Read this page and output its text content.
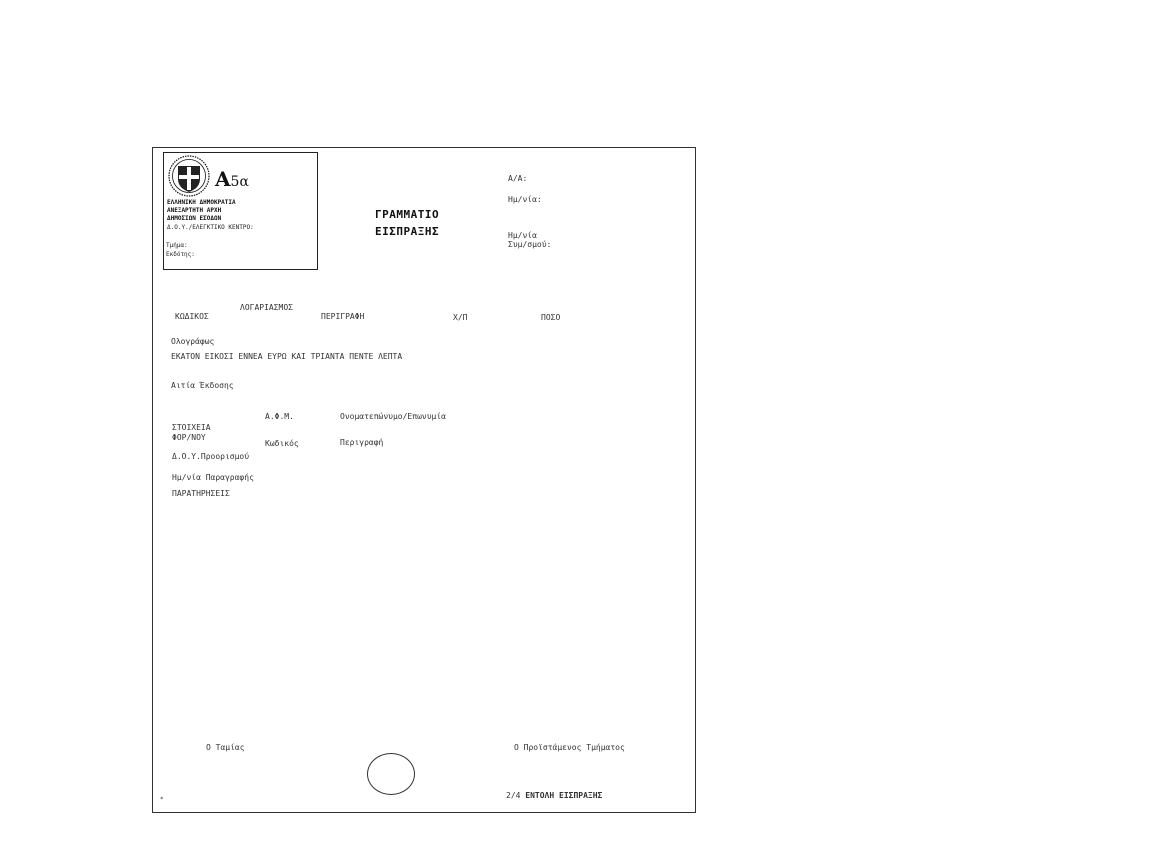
A5α
ΕΛΛΗΝΙΚΗ ΔΗΜΟΚΡΑΤΙΑ
ΑΝΕΞΑΡΤΗΤΗ ΑΡΧΗ
ΔΗΜΟΣΙΩΝ ΕΣΟΔΩΝ
Δ.Ο.Υ./ΕΛΕΓΚΤΙΚΟ ΚΕΝΤΡΟ:
Τμήμα:
Εκδότης:
ΓΡΑΜΜΑΤΙΟ
ΕΙΣΠΡΑΞΗΣ
Α/Α:
Ημ/νία:
Ημ/νία
Συμ/σμού:
ΚΩΔΙΚΟΣ
ΛΟΓΑΡΙΑΣΜΟΣ
ΠΕΡΙΓΡΑΦΗ	Χ/Π	ΠΟΣΟ
Ολογράφως
ΕΚΑΤΟΝ ΕΙΚΟΣΙ ΕΝΝΕΑ ΕΥΡΩ ΚΑΙ ΤΡΙΑΝΤΑ ΠΕΝΤΕ ΛΕΠΤΑ
Αιτία Έκδοσης
Α.Φ.Μ.	Ονοματεπώνυμο/Επωνυμία
ΣΤΟΙΧΕΙΑ
ΦΟΡ/ΝΟΥ
Κωδικός	Περιγραφή
Δ.Ο.Υ.Προορισμού
Ημ/νία Παραγραφής
ΠΑΡΑΤΗΡΗΣΕΙΣ
Ο Ταμίας	Ο Προϊστάμενος Τμήματος
*	2/4 ΕΝΤΟΛΗ ΕΙΣΠΡΑΞΗΣ
